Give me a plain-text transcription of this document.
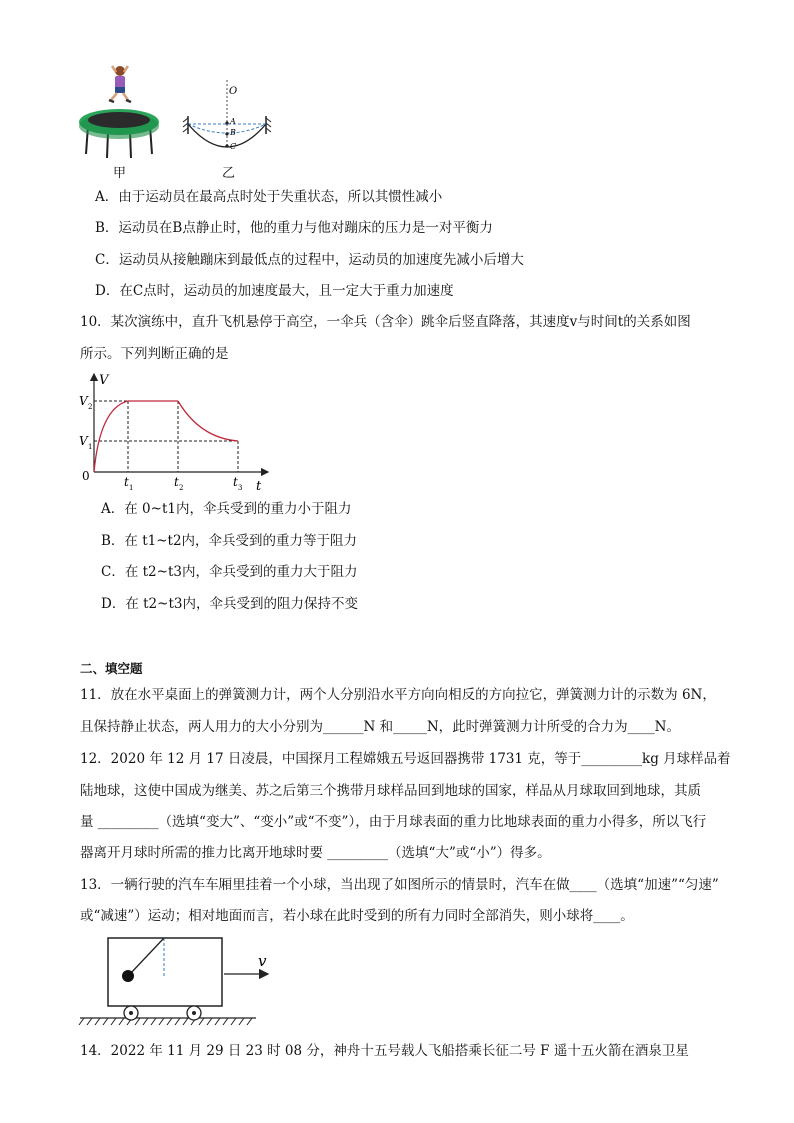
甲
O
A
B
C
乙
A．由于运动员在最高点时处于失重状态，所以其惯性减小
B．运动员在B点静止时，他的重力与他对蹦床的压力是一对平衡力
C．运动员从接触蹦床到最低点的过程中，运动员的加速度先减小后增大
D．在C点时，运动员的加速度最大，且一定大于重力加速度
10．某次演练中，直升飞机悬停于高空，一伞兵（含伞）跳伞后竖直降落，其速度v与时间t的关系如图
所示。下列判断正确的是
V
t
0
V 2
V 1
t 1	t 2	t 3
A．在 0~t1内，伞兵受到的重力小于阻力
B．在 t1~t2内，伞兵受到的重力等于阻力
C．在 t2~t3内，伞兵受到的重力大于阻力
D．在 t2~t3内，伞兵受到的阻力保持不变
二、填空题
11．放在水平桌面上的弹簧测力计，两个人分别沿水平方向向相反的方向拉它，弹簧测力计的示数为 6N，
且保持静止状态，两人用力的大小分别为______N 和_____N，此时弹簧测力计所受的合力为____N。
12．2020 年 12 月 17 日凌晨，中国探月工程嫦娥五号返回器携带 1731 克，等于_________kg 月球样品着
陆地球，这使中国成为继美、苏之后第三个携带月球样品回到地球的国家，样品从月球取回到地球，其质
量 _________（选填“变大”、“变小”或“不变”），由于月球表面的重力比地球表面的重力小得多，所以飞行
器离开月球时所需的推力比离开地球时要 _________（选填“大”或“小”）得多。
13．一辆行驶的汽车车厢里挂着一个小球，当出现了如图所示的情景时，汽车在做____（选填“加速”“匀速”
或“减速”）运动；相对地面而言，若小球在此时受到的所有力同时全部消失，则小球将____。
v
14．2022 年 11 月 29 日 23 时 08 分，神舟十五号载人飞船搭乘长征二号 F 遥十五火箭在酒泉卫星
